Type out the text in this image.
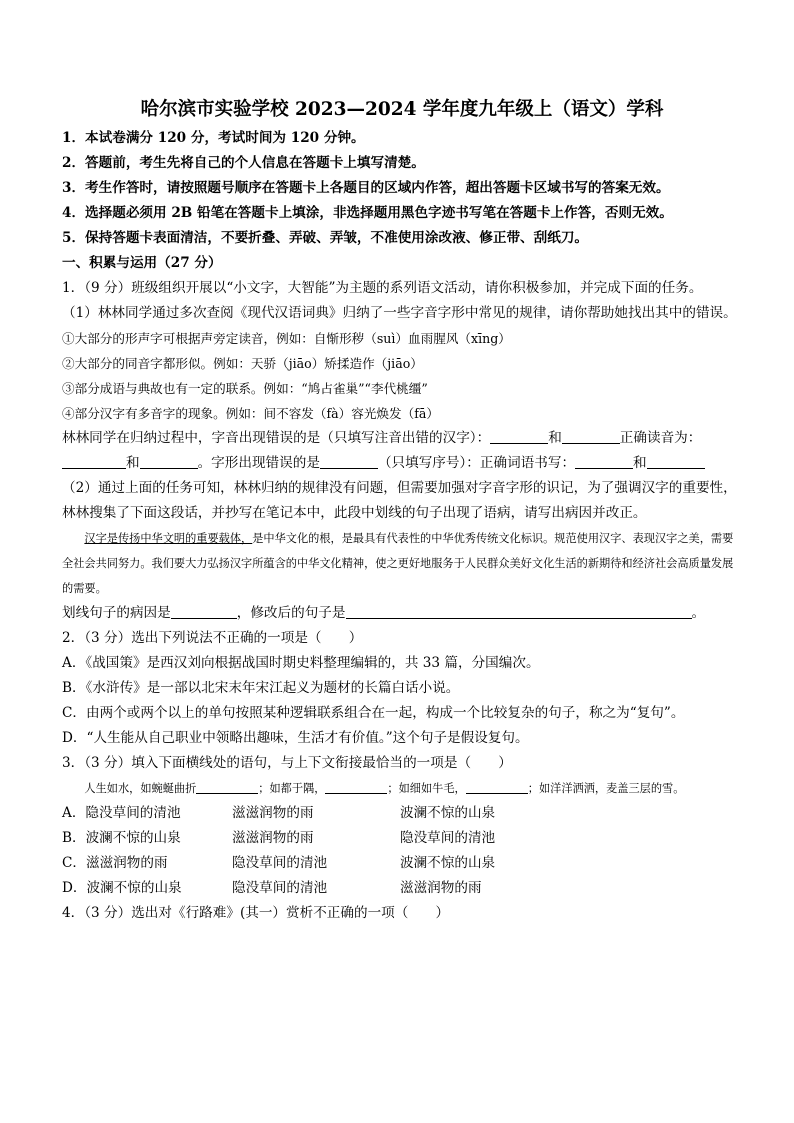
哈尔滨市实验学校 2023—2024 学年度九年级上（语文）学科

1．本试卷满分 120 分，考试时间为 120 分钟。

2．答题前，考生先将自己的个人信息在答题卡上填写清楚。

3．考生作答时，请按照题号顺序在答题卡上各题目的区域内作答，超出答题卡区域书写的答案无效。

4．选择题必须用 2B 铅笔在答题卡上填涂，非选择题用黑色字迹书写笔在答题卡上作答，否则无效。

5．保持答题卡表面清洁，不要折叠、弄破、弄皱，不准使用涂改液、修正带、刮纸刀。

一、积累与运用（27 分）

1．（9 分）班级组织开展以“小文字，大智能”为主题的系列语文活动，请你积极参加，并完成下面的任务。

（1）林林同学通过多次查阅《现代汉语词典》归纳了一些字音字形中常见的规律，请你帮助她找出其中的错误。

①大部分的形声字可根据声旁定读音，例如：自惭形秽（suì）血雨腥风（xīng）

②大部分的同音字都形似。例如：天骄（jiāo）矫揉造作（jiāo）

③部分成语与典故也有一定的联系。例如：“鸠占雀巢”“李代桃缰”

④部分汉字有多音字的现象。例如：间不容发（fà）容光焕发（fā）

林林同学在归纳过程中，字音出现错误的是（只填写注音出错的汉字）：	和	正确读音为：
和	。字形出现错误的是	（只填写序号）：正确词语书写：	和

（2）通过上面的任务可知，林林归纳的规律没有问题，但需要加强对字音字形的识记，为了强调汉字的重要性，林林搜集了下面这段话，并抄写在笔记本中，此段中划线的句子出现了语病，请写出病因并改正。

汉字是传扬中华文明的重要载体，是中华文化的根，是最具有代表性的中华优秀传统文化标识。规范使用汉字、表现汉字之美，需要全社会共同努力。我们要大力弘扬汉字所蕴含的中华文化精神，使之更好地服务于人民群众美好文化生活的新期待和经济社会高质量发展的需要。

划线句子的病因是	，修改后的句子是	。

2．（3 分）选出下列说法不正确的一项是（　　）

A．《战国策》是西汉刘向根据战国时期史料整理编辑的，共 33 篇，分国编次。

B．《水浒传》是一部以北宋末年宋江起义为题材的长篇白话小说。

C．由两个或两个以上的单句按照某种逻辑联系组合在一起，构成一个比较复杂的句子，称之为“复句”。

D．“人生能从自己职业中领略出趣味，生活才有价值。”这个句子是假设复句。

3．（3 分）填入下面横线处的语句，与上下文衔接最恰当的一项是（　　）

人生如水，如蜿蜒曲折	；如都于隅，	；如细如牛毛，	；如洋洋洒洒，麦盖三层的雪。

A．隐没草间的清池	滋滋润物的雨	波澜不惊的山泉
B．波澜不惊的山泉	滋滋润物的雨	隐没草间的清池
C．滋滋润物的雨	隐没草间的清池	波澜不惊的山泉
D．波澜不惊的山泉	隐没草间的清池	滋滋润物的雨

4．（3 分）选出对《行路难》(其一）赏析不正确的一项（　　）
